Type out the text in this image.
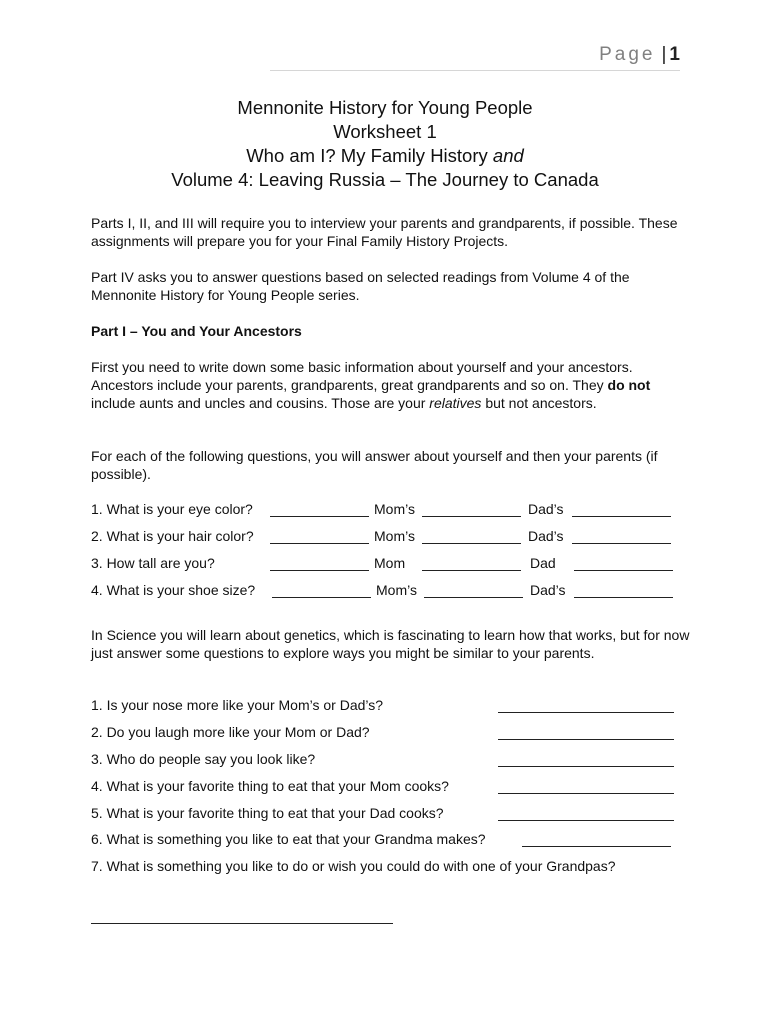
Page | 1
Mennonite History for Young People
Worksheet 1
Who am I? My Family History and
Volume 4: Leaving Russia – The Journey to Canada

Parts I, II, and III will require you to interview your parents and grandparents, if possible. These assignments will prepare you for your Final Family History Projects.

Part IV asks you to answer questions based on selected readings from Volume 4 of the Mennonite History for Young People series.

Part I – You and Your Ancestors

First you need to write down some basic information about yourself and your ancestors. Ancestors include your parents, grandparents, great grandparents and so on. They do not include aunts and uncles and cousins. Those are your relatives but not ancestors.

For each of the following questions, you will answer about yourself and then your parents (if possible).

1. What is your eye color?	Mom’s	Dad’s
2. What is your hair color?	Mom’s	Dad’s
3. How tall are you?	Mom	Dad
4. What is your shoe size?	Mom’s	Dad’s

In Science you will learn about genetics, which is fascinating to learn how that works, but for now just answer some questions to explore ways you might be similar to your parents.

1. Is your nose more like your Mom’s or Dad’s?
2. Do you laugh more like your Mom or Dad?
3. Who do people say you look like?
4. What is your favorite thing to eat that your Mom cooks?
5. What is your favorite thing to eat that your Dad cooks?
6. What is something you like to eat that your Grandma makes?
7. What is something you like to do or wish you could do with one of your Grandpas?
